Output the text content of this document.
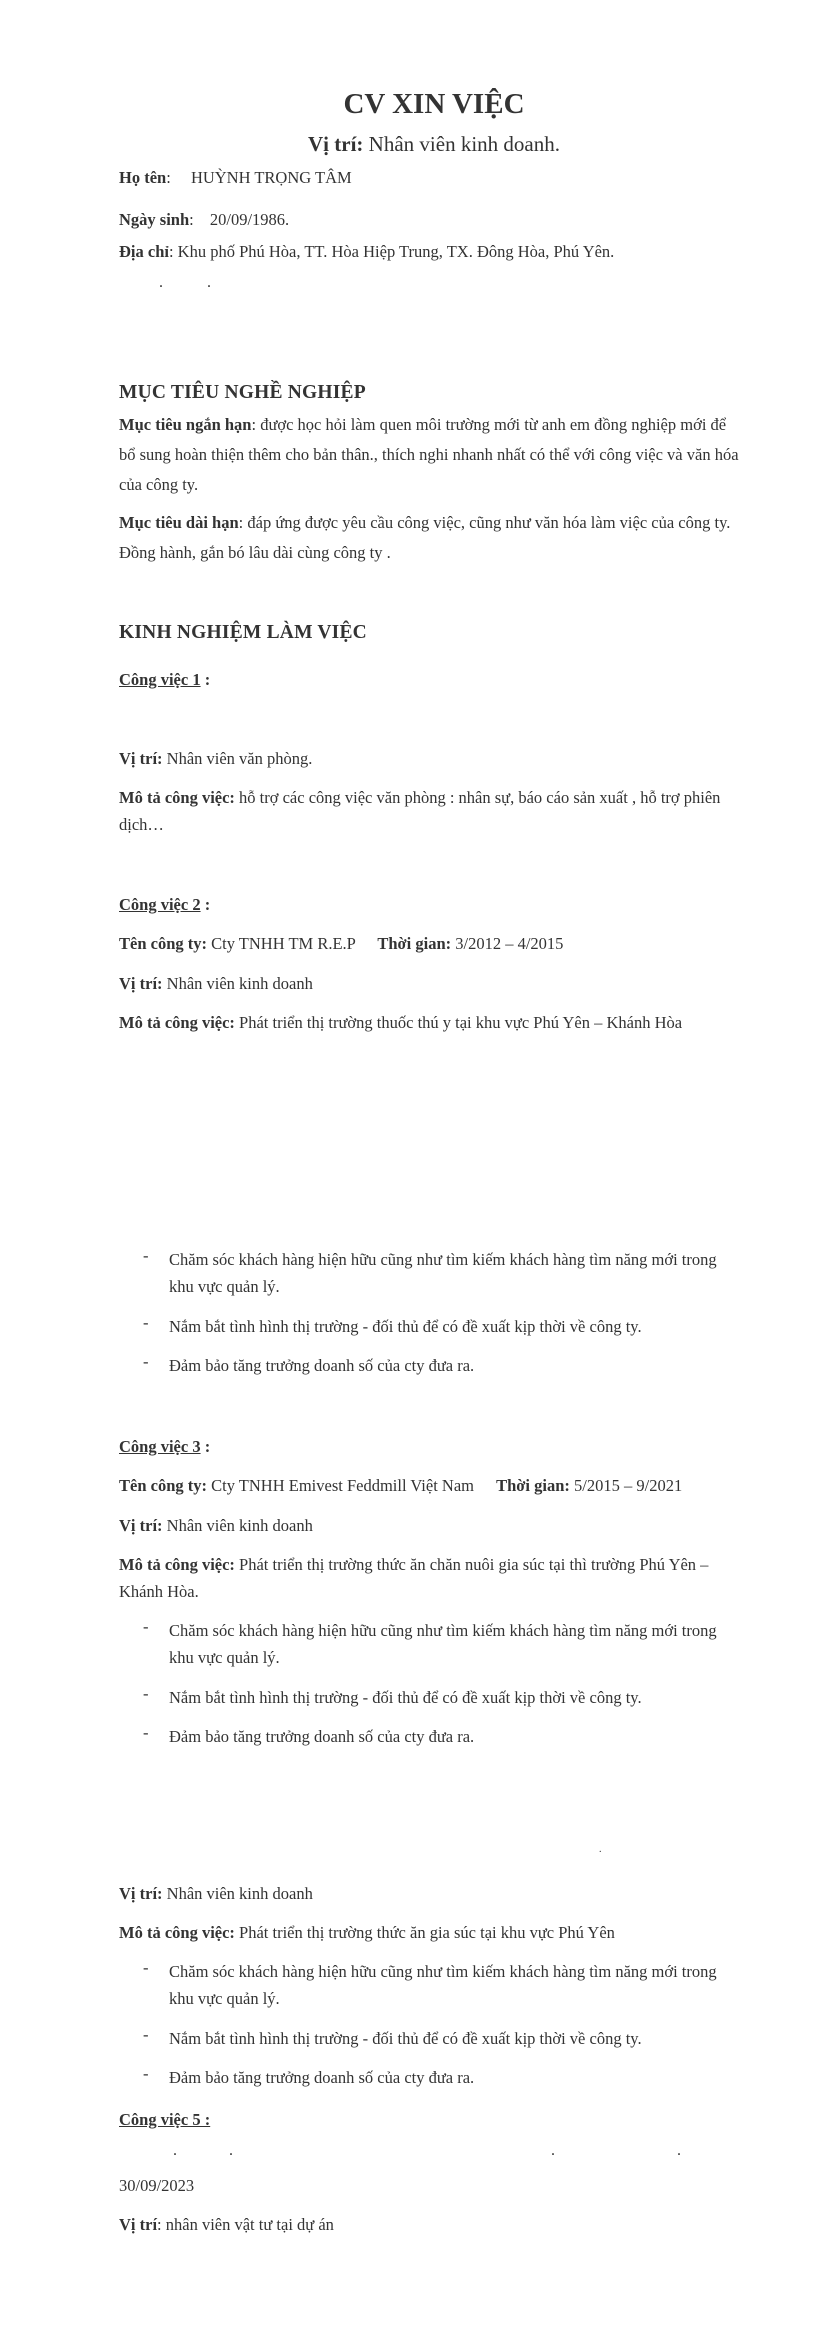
CV XIN VIỆC
Vị trí: Nhân viên kinh doanh.
Họ tên: HUỲNH TRỌNG TÂM
Ngày sinh: 20/09/1986.
Địa chỉ: Khu phố Phú Hòa, TT. Hòa Hiệp Trung, TX. Đông Hòa, Phú Yên.
.	.
MỤC TIÊU NGHỀ NGHIỆP
Mục tiêu ngắn hạn: được học hỏi làm quen môi trường mới từ anh em đồng nghiệp mới để
bổ sung hoàn thiện thêm cho bản thân., thích nghi nhanh nhất có thể với công việc và văn hóa
của công ty.
Mục tiêu dài hạn: đáp ứng được yêu cầu công việc, cũng như văn hóa làm việc của công ty.
Đồng hành, gắn bó lâu dài cùng công ty .
KINH NGHIỆM LÀM VIỆC
Công việc 1 :
Vị trí: Nhân viên văn phòng.
Mô tả công việc: hỗ trợ các công việc văn phòng : nhân sự, báo cáo sản xuất , hỗ trợ phiên
dịch…
Công việc 2 :
Tên công ty: Cty TNHH TM R.E.P Thời gian: 3/2012 – 4/2015
Vị trí: Nhân viên kinh doanh
Mô tả công việc: Phát triển thị trường thuốc thú y tại khu vực Phú Yên – Khánh Hòa
- Chăm sóc khách hàng hiện hữu cũng như tìm kiếm khách hàng tìm năng mới trong
khu vực quản lý.
- Nắm bắt tình hình thị trường - đối thủ để có đề xuất kịp thời về công ty.
- Đảm bảo tăng trưởng doanh số của cty đưa ra.
Công việc 3 :
Tên công ty: Cty TNHH Emivest Feddmill Việt Nam Thời gian: 5/2015 – 9/2021
Vị trí: Nhân viên kinh doanh
Mô tả công việc: Phát triển thị trường thức ăn chăn nuôi gia súc tại thì trường Phú Yên –
Khánh Hòa.
- Chăm sóc khách hàng hiện hữu cũng như tìm kiếm khách hàng tìm năng mới trong
khu vực quản lý.
- Nắm bắt tình hình thị trường - đối thủ để có đề xuất kịp thời về công ty.
- Đảm bảo tăng trưởng doanh số của cty đưa ra.
.
Vị trí: Nhân viên kinh doanh
Mô tả công việc: Phát triển thị trường thức ăn gia súc tại khu vực Phú Yên
- Chăm sóc khách hàng hiện hữu cũng như tìm kiếm khách hàng tìm năng mới trong
khu vực quản lý.
- Nắm bắt tình hình thị trường - đối thủ để có đề xuất kịp thời về công ty.
- Đảm bảo tăng trưởng doanh số của cty đưa ra.
Công việc 5 :
.	.	.	.
30/09/2023
Vị trí: nhân viên vật tư tại dự án
